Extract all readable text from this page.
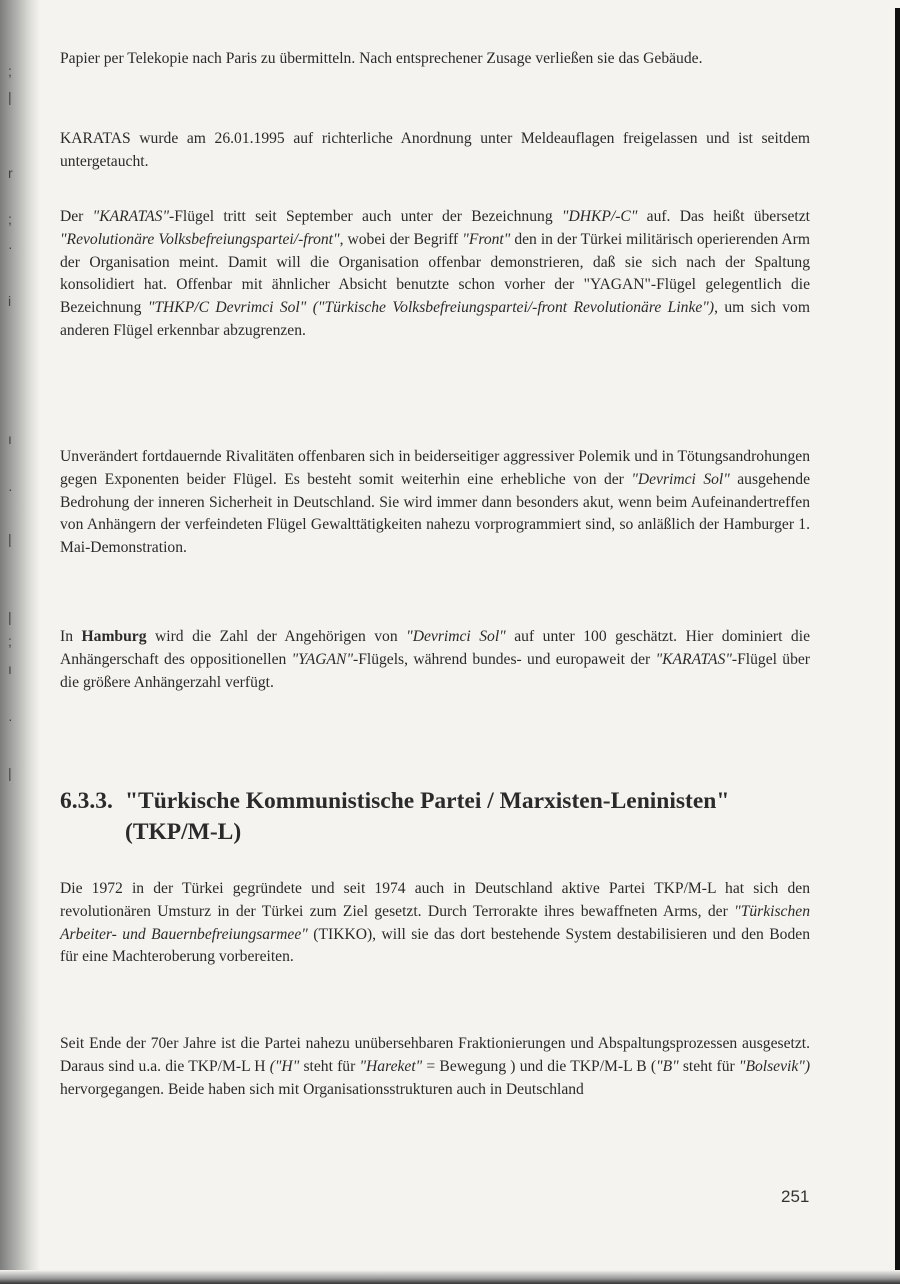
;
|
r
;
·
i
ı
·
|
|
;
ı
·
|

Papier per Telekopie nach Paris zu übermitteln. Nach entsprechener Zusage verließen sie das Gebäude.

KARATAS wurde am 26.01.1995 auf richterliche Anordnung unter Meldeauflagen freigelassen und ist seitdem untergetaucht.

Der "KARATAS"-Flügel tritt seit September auch unter der Bezeichnung "DHKP/-C" auf. Das heißt übersetzt "Revolutionäre Volksbefreiungspartei/-front", wobei der Begriff "Front" den in der Türkei militärisch operierenden Arm der Organisation meint. Damit will die Organisation offenbar demonstrieren, daß sie sich nach der Spaltung konsolidiert hat. Offenbar mit ähnlicher Absicht benutzte schon vorher der "YAGAN"-Flügel gelegentlich die Bezeichnung "THKP/C Devrimci Sol" ("Türkische Volksbefreiungspartei/-front Revolutionäre Linke"), um sich vom anderen Flügel erkennbar abzugrenzen.

Unverändert fortdauernde Rivalitäten offenbaren sich in beiderseitiger aggressiver Polemik und in Tötungsandrohungen gegen Exponenten beider Flügel. Es besteht somit weiterhin eine erhebliche von der "Devrimci Sol" ausgehende Bedrohung der inneren Sicherheit in Deutschland. Sie wird immer dann besonders akut, wenn beim Aufeinandertreffen von Anhängern der verfeindeten Flügel Gewalttätigkeiten nahezu vorprogrammiert sind, so anläßlich der Hamburger 1. Mai-Demonstration.

In Hamburg wird die Zahl der Angehörigen von "Devrimci Sol" auf unter 100 geschätzt. Hier dominiert die Anhängerschaft des oppositionellen "YAGAN"-Flügels, während bundes- und europaweit der "KARATAS"-Flügel über die größere Anhängerzahl verfügt.

6.3.3. "Türkische Kommunistische Partei / Marxisten-Leninisten"
(TKP/M-L)

Die 1972 in der Türkei gegründete und seit 1974 auch in Deutschland aktive Partei TKP/M-L hat sich den revolutionären Umsturz in der Türkei zum Ziel gesetzt. Durch Terrorakte ihres bewaffneten Arms, der "Türkischen Arbeiter- und Bauernbefreiungsarmee" (TIKKO), will sie das dort bestehende System destabilisieren und den Boden für eine Machteroberung vorbereiten.

Seit Ende der 70er Jahre ist die Partei nahezu unübersehbaren Fraktionierungen und Abspaltungsprozessen ausgesetzt. Daraus sind u.a. die TKP/M-L H ("H" steht für "Hareket" = Bewegung ) und die TKP/M-L B ("B" steht für "Bolsevik") hervorgegangen. Beide haben sich mit Organisationsstrukturen auch in Deutschland

251
